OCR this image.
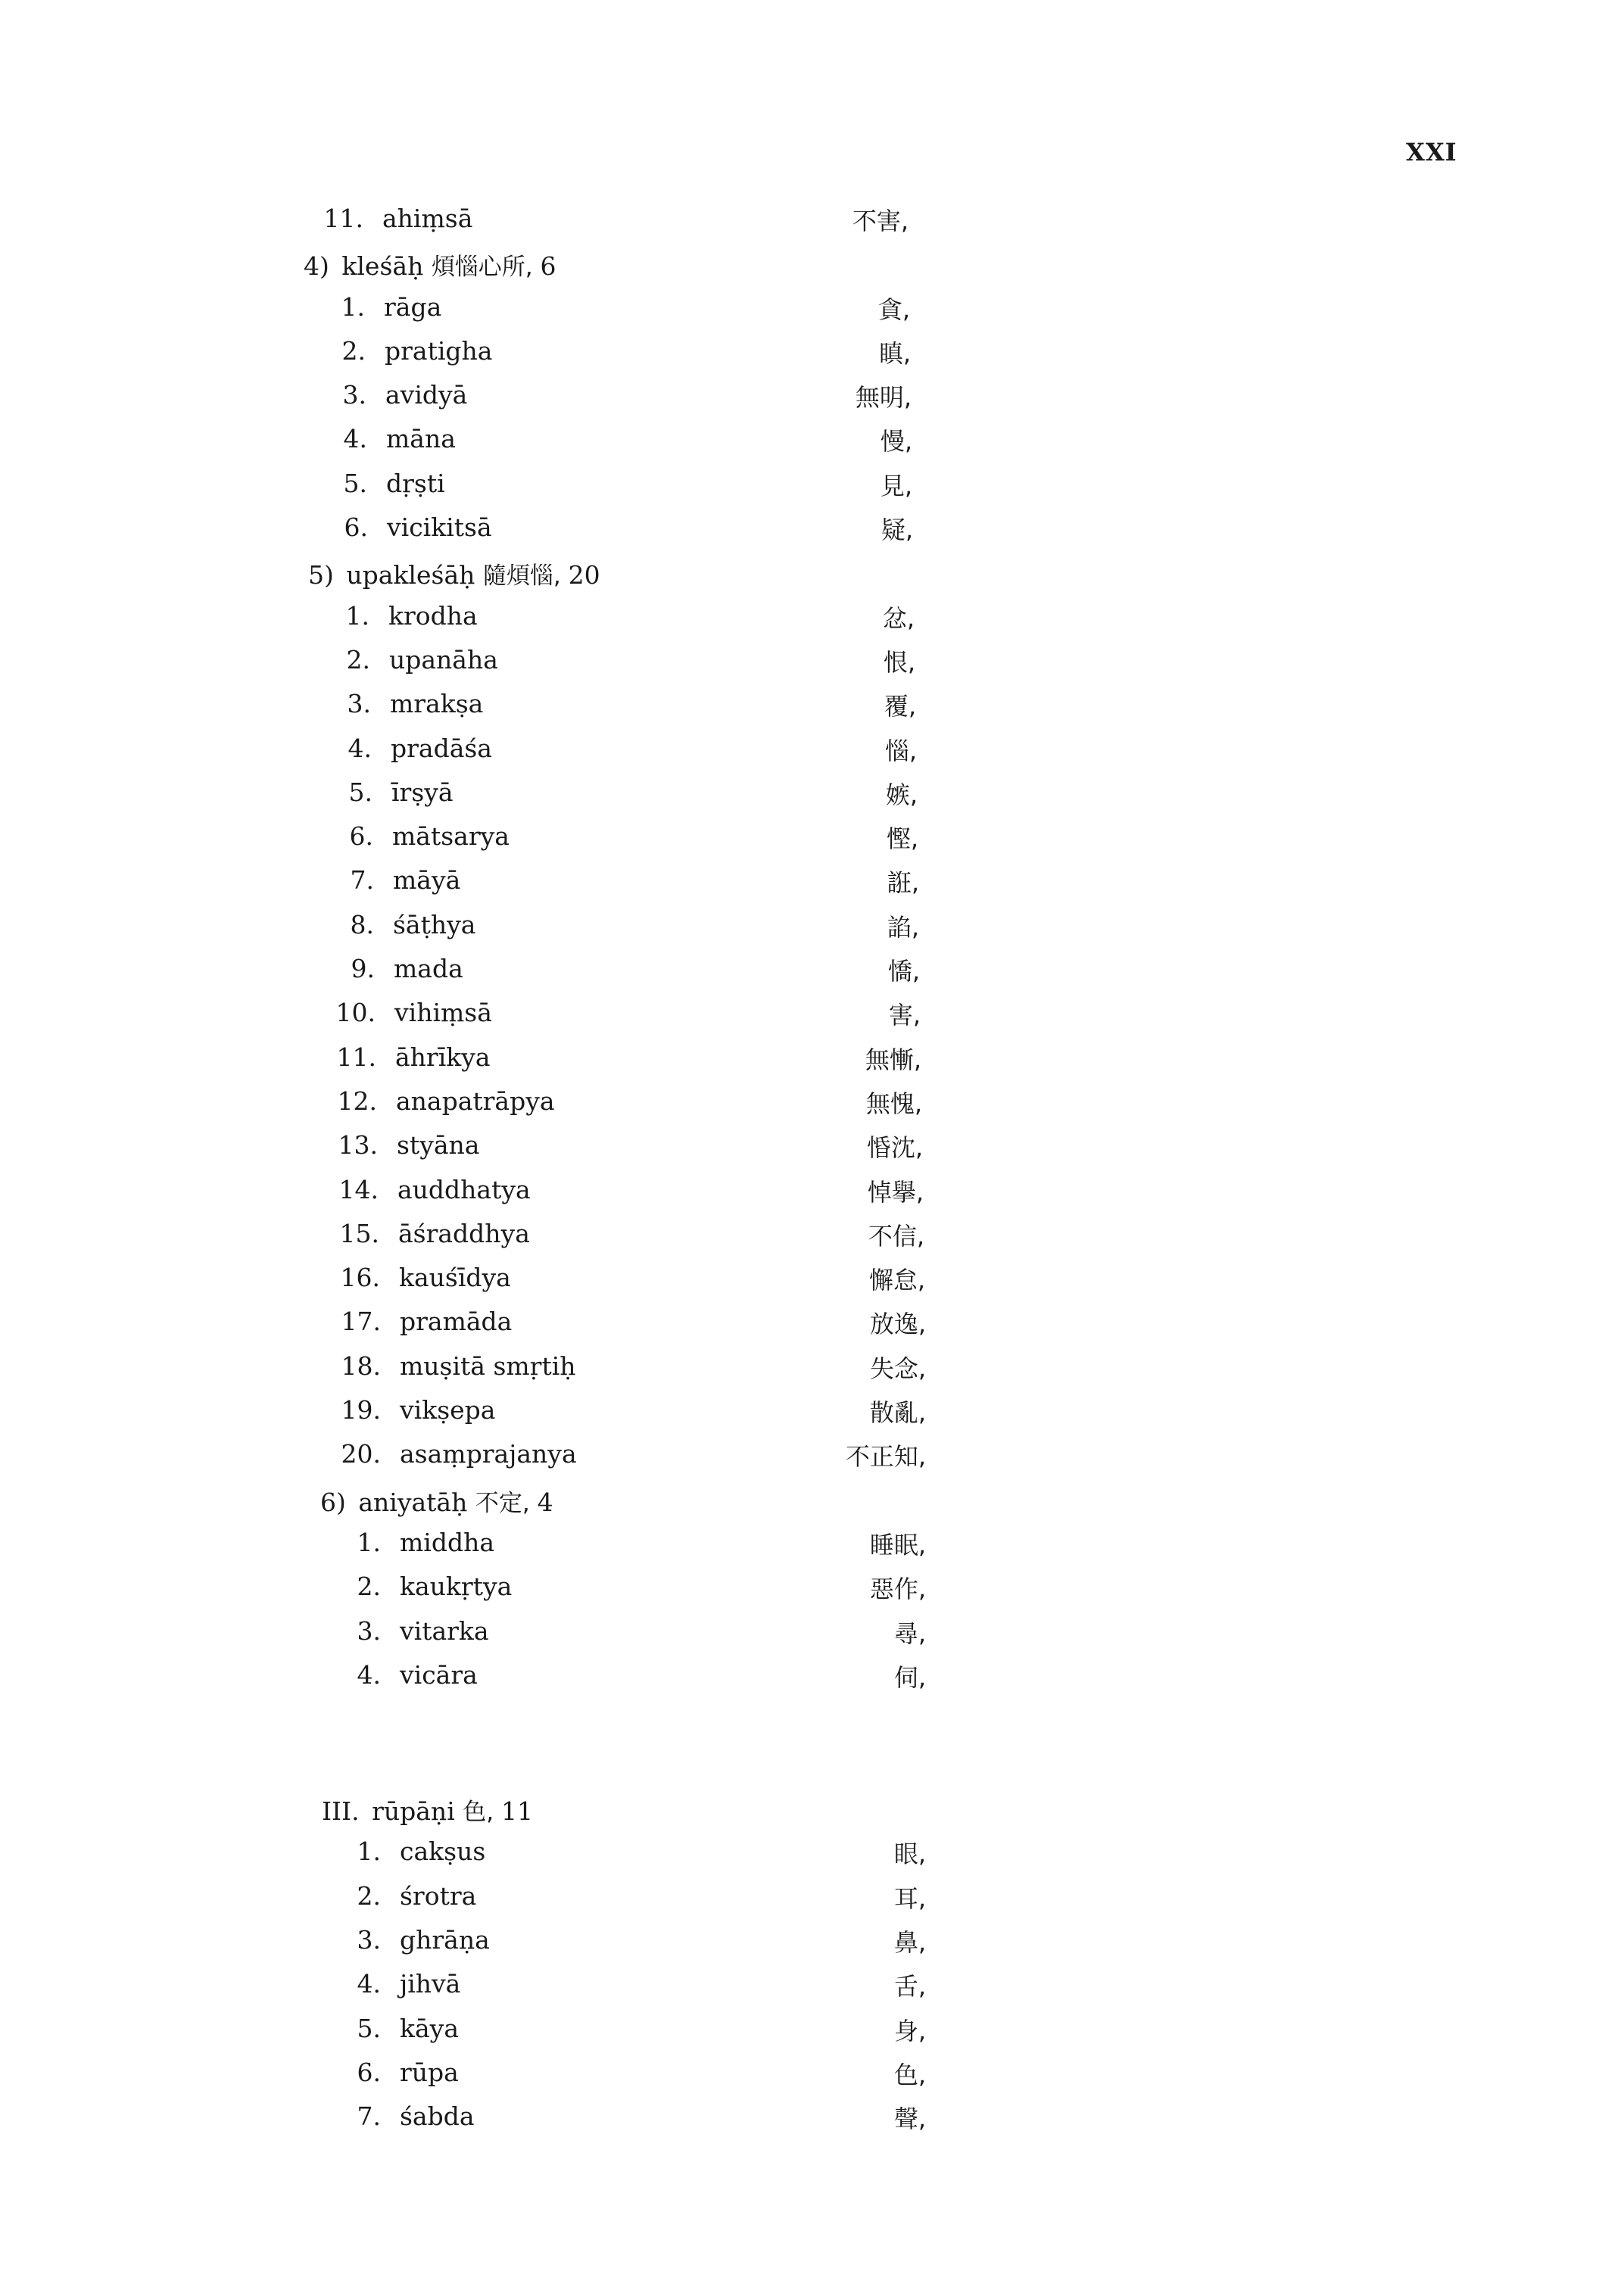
XXI
11. ahiṃsā	不害,
4) kleśāḥ 煩惱心所, 6
1. rāga	貪,
2. pratigha	瞋,
3. avidyā	無明,
4. māna	慢,
5. dṛṣti	見,
6. vicikitsā	疑,
5) upakleśāḥ 隨煩惱, 20
1. krodha	忿,
2. upanāha	恨,
3. mrakṣa	覆,
4. pradāśa	惱,
5. īrṣyā	嫉,
6. mātsarya	慳,
7. māyā	誑,
8. śāṭhya	諂,
9. mada	憍,
10. vihiṃsā	害,
11. āhrīkya	無慚,
12. anapatrāpya	無愧,
13. styāna	惛沈,
14. auddhatya	悼擧,
15. āśraddhya	不信,
16. kauśīdya	懈怠,
17. pramāda	放逸,
18. muṣitā smṛtiḥ	失念,
19. vikṣepa	散亂,
20. asaṃprajanya	不正知,
6) aniyatāḥ 不定, 4
1. middha	睡眠,
2. kaukṛtya	惡作,
3. vitarka	尋,
4. vicāra	伺,
III. rūpāṇi 色, 11
1. cakṣus	眼,
2. śrotra	耳,
3. ghrāṇa	鼻,
4. jihvā	舌,
5. kāya	身,
6. rūpa	色,
7. śabda	聲,
